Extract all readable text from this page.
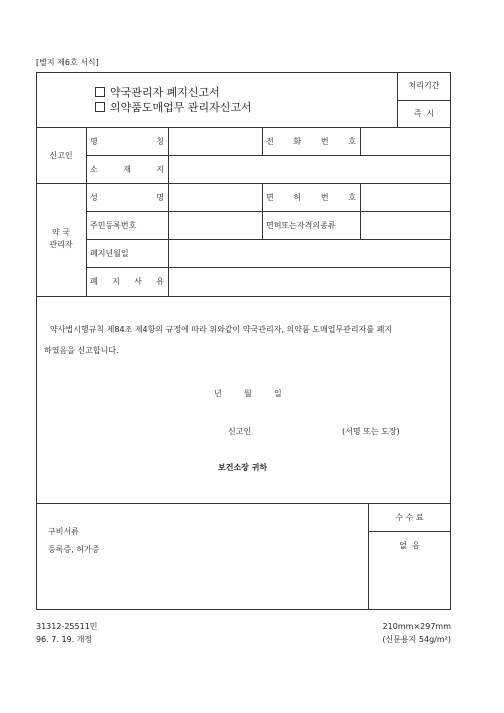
[별지 제6호 서식]
약국관리자 폐지신고서
의약품도매업무 관리자신고서
처리기간
즉  시
신고인
명  칭	전 화 번 호
소 재 지
약 국
관리자
성  명	면 허 번 호
주민등록번호	면허또는자격의종류
폐지년월일
폐 지 사 유
약사법시행규칙 제84조 제4항의 규정에 따라 위와같이 약국관리자, 의약품 도매업무관리자를 폐지
하였음을 신고합니다.
년	월	일
신고인	(서명 또는 도장)
보건소장 귀하
구비서류
등록증, 허가증
수 수 료
없  음
31312-25511민
96. 7. 19. 개정
210mm×297mm
(신문용지 54g/m²)
